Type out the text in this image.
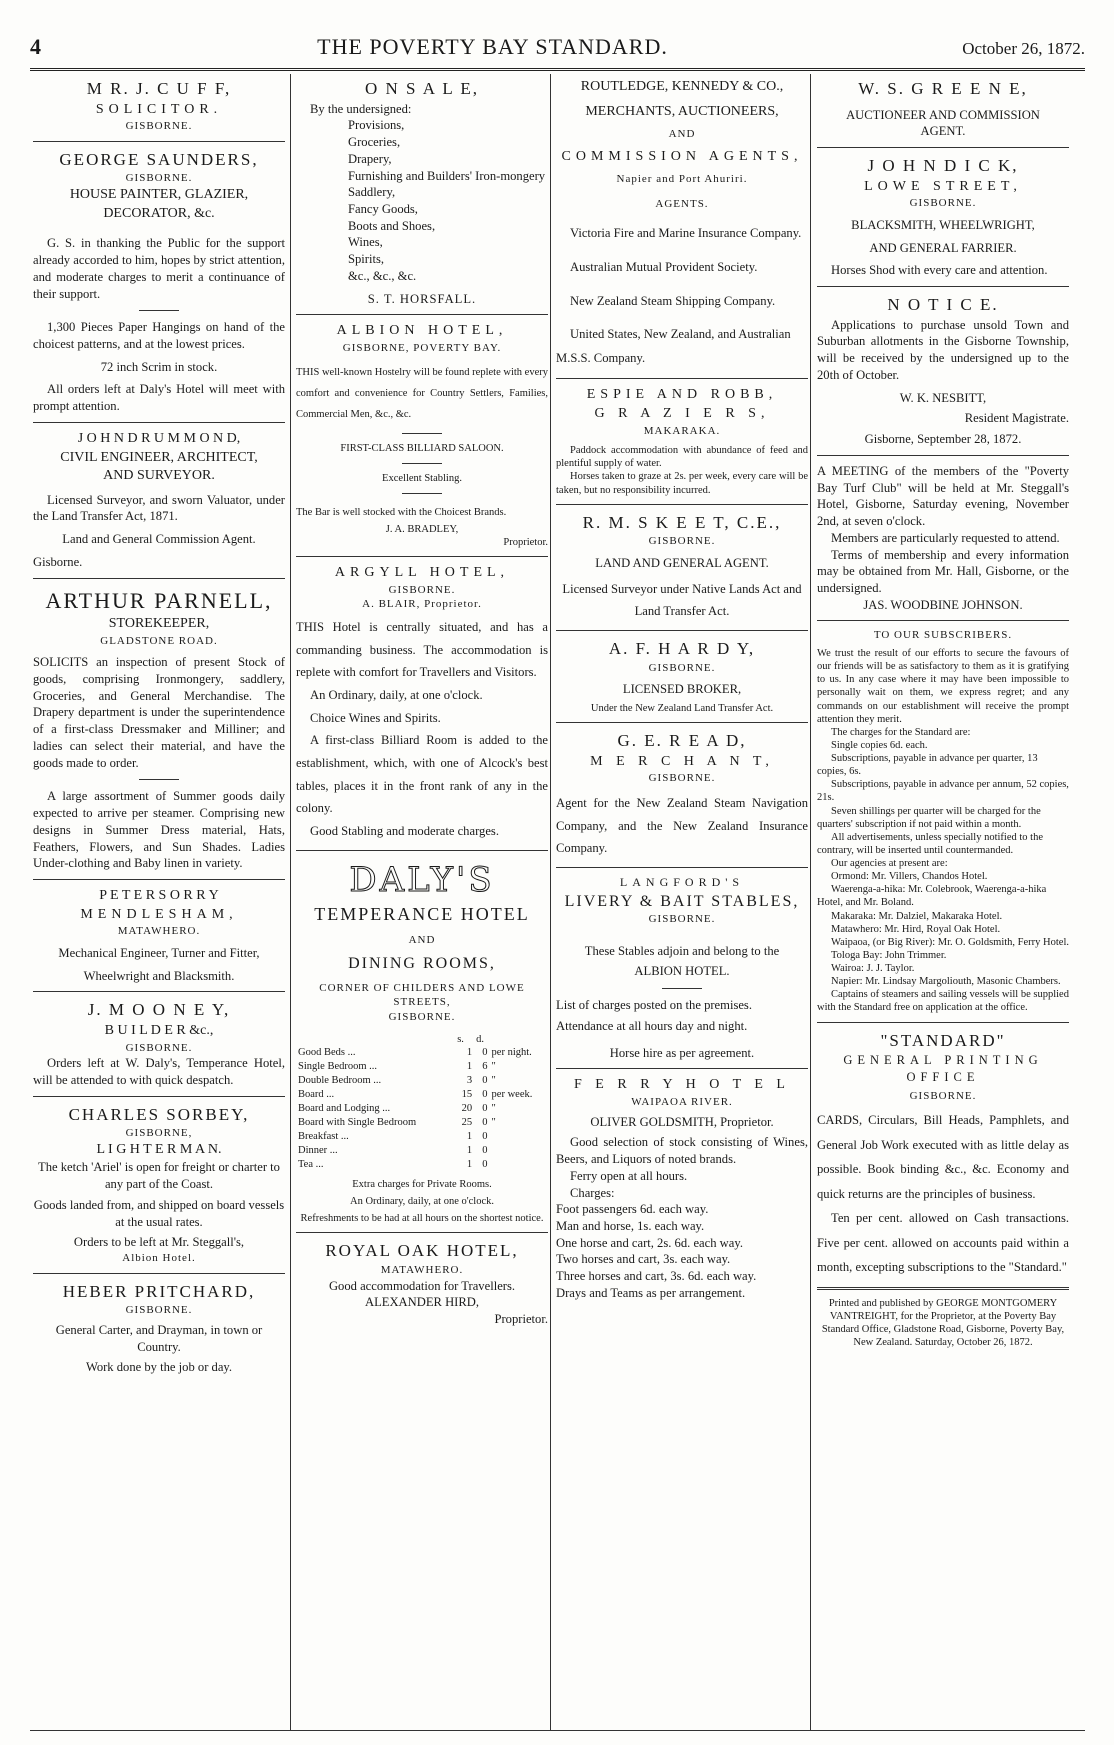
4	THE POVERTY BAY STANDARD.	October 26, 1872.
M R. J. C U F F,
SOLICITOR.
GISBORNE.
GEORGE SAUNDERS,
GISBORNE.
HOUSE PAINTER, GLAZIER,
DECORATOR, &c.

G. S. in thanking the Public for the support already accorded to him, hopes by strict attention, and moderate charges to merit a continuance of their support.

1,300 Pieces Paper Hangings on hand of the choicest patterns, and at the lowest prices.

72 inch Scrim in stock.

All orders left at Daly's Hotel will meet with prompt attention.

J O H N D R U M M O N D,
CIVIL ENGINEER, ARCHITECT,
AND SURVEYOR.

Licensed Surveyor, and sworn Valuator, under the Land Transfer Act, 1871.

Land and General Commission Agent.

Gisborne.

ARTHUR PARNELL,
STOREKEEPER,
GLADSTONE ROAD.

SOLICITS an inspection of present Stock of goods, comprising Ironmongery, saddlery, Groceries, and General Merchandise. The Drapery department is under the superintendence of a first-class Dressmaker and Milliner; and ladies can select their material, and have the goods made to order.

A large assortment of Summer goods daily expected to arrive per steamer. Comprising new designs in Summer Dress material, Hats, Feathers, Flowers, and Sun Shades. Ladies Under-clothing and Baby linen in variety.

P E T E R S O R R Y
MENDLESHAM,
MATAWHERO.

Mechanical Engineer, Turner and Fitter,

Wheelwright and Blacksmith.

J. M O O N E Y,
B U I L D E R &c.,
GISBORNE.

Orders left at W. Daly's, Temperance Hotel, will be attended to with quick despatch.

CHARLES SORBEY,
GISBORNE,
L I G H T E R M A N.

The ketch 'Ariel' is open for freight or charter to any part of the Coast.

Goods landed from, and shipped on board vessels at the usual rates.

Orders to be left at Mr. Steggall's,

Albion Hotel.

HEBER PRITCHARD,
GISBORNE.

General Carter, and Drayman, in town or Country.

Work done by the job or day.

O N S A L E,

By the undersigned:

Provisions,
Groceries,
Drapery,
Furnishing and Builders' Iron-mongery
Saddlery,
Fancy Goods,
Boots and Shoes,
Wines,
Spirits,
&c., &c., &c.

S. T. HORSFALL.

ALBION HOTEL,
GISBORNE, POVERTY BAY.

THIS well-known Hostelry will be found replete with every comfort and convenience for Country Settlers, Families, Commercial Men, &c., &c.

FIRST-CLASS BILLIARD SALOON.

Excellent Stabling.

The Bar is well stocked with the Choicest Brands.

J. A. BRADLEY,

Proprietor.

ARGYLL HOTEL,
GISBORNE.
A. BLAIR, Proprietor.

THIS Hotel is centrally situated, and has a commanding business. The accommodation is replete with comfort for Travellers and Visitors.

An Ordinary, daily, at one o'clock.

Choice Wines and Spirits.

A first-class Billiard Room is added to the establishment, which, with one of Alcock's best tables, places it in the front rank of any in the colony.

Good Stabling and moderate charges.

DALY'S
TEMPERANCE HOTEL
AND
DINING ROOMS,
CORNER OF CHILDERS AND LOWE STREETS,
GISBORNE.
	s.	d.	
Good Beds ...	1	0	per night.
Single Bedroom ...	1	6	"
Double Bedroom ...	3	0	"
Board ...	15	0	per week.
Board and Lodging ...	20	0	"
Board with Single Bedroom	25	0	"
Breakfast ...	1	0	
Dinner ...	1	0	
Tea ...	1	0	

Extra charges for Private Rooms.

An Ordinary, daily, at one o'clock.

Refreshments to be had at all hours on the shortest notice.

ROYAL OAK HOTEL,
MATAWHERO.

Good accommodation for Travellers.

ALEXANDER HIRD,

Proprietor.

ROUTLEDGE, KENNEDY & CO.,
MERCHANTS, AUCTIONEERS,
AND
COMMISSION AGENTS,
Napier and Port Ahuriri.
AGENTS.

Victoria Fire and Marine Insurance Company.

Australian Mutual Provident Society.

New Zealand Steam Shipping Company.

United States, New Zealand, and Australian M.S.S. Company.

ESPIE AND ROBB,
G R A Z I E R S,
MAKARAKA.

Paddock accommodation with abundance of feed and plentiful supply of water.

Horses taken to graze at 2s. per week, every care will be taken, but no responsibility incurred.

R. M. S K E E T, C.E.,
GISBORNE.

LAND AND GENERAL AGENT.

Licensed Surveyor under Native Lands Act and Land Transfer Act.

A. F. H A R D Y,
GISBORNE.

LICENSED BROKER,

Under the New Zealand Land Transfer Act.

G. E. R E A D,
M E R C H A N T,
GISBORNE.

Agent for the New Zealand Steam Navigation Company, and the New Zealand Insurance Company.

LANGFORD'S
LIVERY & BAIT STABLES,
GISBORNE.

These Stables adjoin and belong to the

ALBION HOTEL.

List of charges posted on the premises.

Attendance at all hours day and night.

Horse hire as per agreement.

F E R R Y H O T E L
WAIPAOA RIVER.

OLIVER GOLDSMITH, Proprietor.

Good selection of stock consisting of Wines, Beers, and Liquors of noted brands.

Ferry open at all hours.

Charges:

Foot passengers 6d. each way.

Man and horse, 1s. each way.

One horse and cart, 2s. 6d. each way.

Two horses and cart, 3s. each way.

Three horses and cart, 3s. 6d. each way.

Drays and Teams as per arrangement.

W. S. G R E E N E,
AUCTIONEER AND COMMISSION
AGENT.
J O H N D I C K,
LOWE STREET,
GISBORNE.
BLACKSMITH, WHEELWRIGHT,
AND GENERAL FARRIER.

Horses Shod with every care and attention.

N O T I C E.

Applications to purchase unsold Town and Suburban allotments in the Gisborne Township, will be received by the undersigned up to the 20th of October.

W. K. NESBITT,

Resident Magistrate.

Gisborne, September 28, 1872.

A MEETING of the members of the "Poverty Bay Turf Club" will be held at Mr. Steggall's Hotel, Gisborne, Saturday evening, November 2nd, at seven o'clock.

Members are particularly requested to attend.

Terms of membership and every information may be obtained from Mr. Hall, Gisborne, or the undersigned.

JAS. WOODBINE JOHNSON.

TO OUR SUBSCRIBERS.

We trust the result of our efforts to secure the favours of our friends will be as satisfactory to them as it is gratifying to us. In any case where it may have been impossible to personally wait on them, we express regret; and any commands on our establishment will receive the prompt attention they merit.

The charges for the Standard are:

Single copies 6d. each.

Subscriptions, payable in advance per quarter, 13 copies, 6s.

Subscriptions, payable in advance per annum, 52 copies, 21s.

Seven shillings per quarter will be charged for the quarters' subscription if not paid within a month.

All advertisements, unless specially notified to the contrary, will be inserted until countermanded.

Our agencies at present are:

Ormond: Mr. Villers, Chandos Hotel.

Waerenga-a-hika: Mr. Colebrook, Waerenga-a-hika Hotel, and Mr. Boland.

Makaraka: Mr. Dalziel, Makaraka Hotel.

Matawhero: Mr. Hird, Royal Oak Hotel.

Waipaoa, (or Big River): Mr. O. Goldsmith, Ferry Hotel.

Tologa Bay: John Trimmer.

Wairoa: J. J. Taylor.

Napier: Mr. Lindsay Margoliouth, Masonic Chambers.

Captains of steamers and sailing vessels will be supplied with the Standard free on application at the office.

"STANDARD"
GENERAL PRINTING OFFICE
GISBORNE.

CARDS, Circulars, Bill Heads, Pamphlets, and General Job Work executed with as little delay as possible. Book binding &c., &c. Economy and quick returns are the principles of business.

Ten per cent. allowed on Cash transactions. Five per cent. allowed on accounts paid within a month, excepting subscriptions to the "Standard."

Printed and published by GEORGE MONTGOMERY VANTREIGHT, for the Proprietor, at the Poverty Bay Standard Office, Gladstone Road, Gisborne, Poverty Bay, New Zealand. Saturday, October 26, 1872.
